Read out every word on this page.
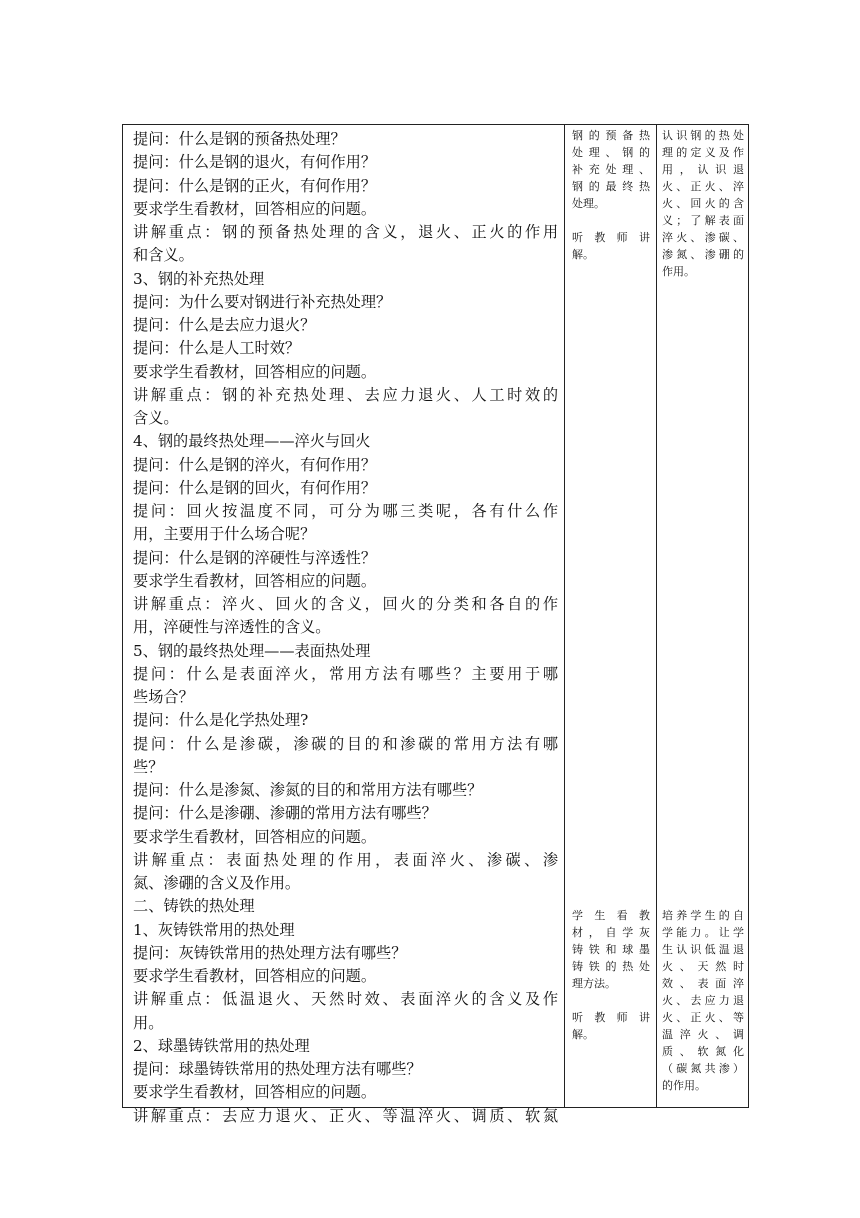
提问：什么是钢的预备热处理？
提问：什么是钢的退火，有何作用？
提问：什么是钢的正火，有何作用？
要求学生看教材，回答相应的问题。
讲解重点：钢的预备热处理的含义，退火、正火的作用
和含义。
3、钢的补充热处理
提问：为什么要对钢进行补充热处理？
提问：什么是去应力退火？
提问：什么是人工时效？
要求学生看教材，回答相应的问题。
讲解重点：钢的补充热处理、去应力退火、人工时效的
含义。
4、钢的最终热处理——淬火与回火
提问：什么是钢的淬火，有何作用？
提问：什么是钢的回火，有何作用？
提问：回火按温度不同，可分为哪三类呢，各有什么作
用，主要用于什么场合呢？
提问：什么是钢的淬硬性与淬透性？
要求学生看教材，回答相应的问题。
讲解重点：淬火、回火的含义，回火的分类和各自的作
用，淬硬性与淬透性的含义。
5、钢的最终热处理——表面热处理
提问：什么是表面淬火，常用方法有哪些？主要用于哪
些场合？
提问：什么是化学热处理?
提问：什么是渗碳，渗碳的目的和渗碳的常用方法有哪
些？
提问：什么是渗氮、渗氮的目的和常用方法有哪些？
提问：什么是渗硼、渗硼的常用方法有哪些？
要求学生看教材，回答相应的问题。
讲解重点：表面热处理的作用，表面淬火、渗碳、渗
氮、渗硼的含义及作用。
二、铸铁的热处理
1、灰铸铁常用的热处理
提问：灰铸铁常用的热处理方法有哪些？
要求学生看教材，回答相应的问题。
讲解重点：低温退火、天然时效、表面淬火的含义及作
用。
2、球墨铸铁常用的热处理
提问：球墨铸铁常用的热处理方法有哪些？
要求学生看教材，回答相应的问题。
讲解重点：去应力退火、正火、等温淬火、调质、软氮
钢的预备热
处理、钢的
补充处理、
钢的最终热
处理。
听教师讲
解。
学生看教
材，自学灰
铸铁和球墨
铸铁的热处
理方法。
听教师讲
解。
认识钢的热处
理的定义及作
用，认识退
火、正火、淬
火、回火的含
义；了解表面
淬火、渗碳、
渗氮、渗硼的
作用。
培养学生的自
学能力。让学
生认识低温退
火、天然时
效、表面淬
火、去应力退
火、正火、等
温淬火、调
质、软氮化
（碳氮共渗）
的作用。
